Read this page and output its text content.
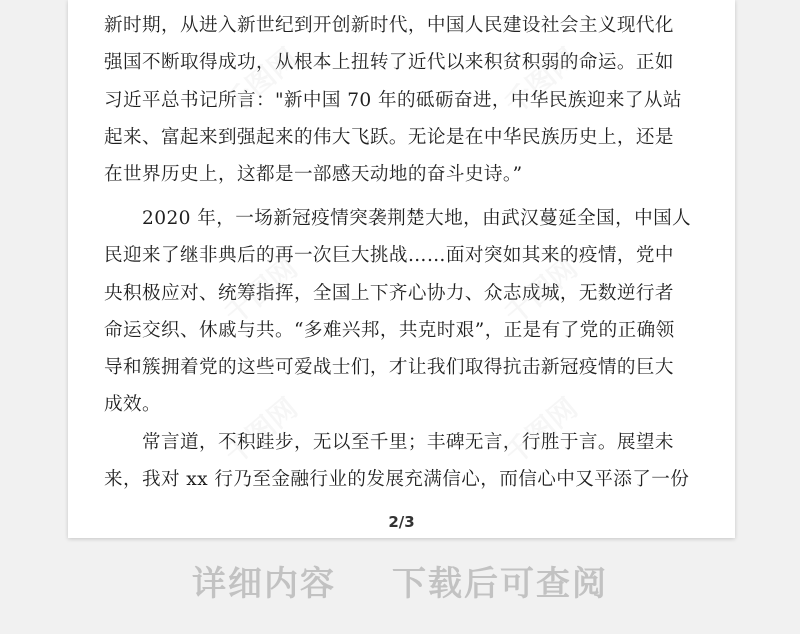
新时期，从进入新世纪到开创新时代，中国人民建设社会主义现代化
强国不断取得成功，从根本上扭转了近代以来积贫积弱的命运。正如
习近平总书记所言："新中国 70 年的砥砺奋进，中华民族迎来了从站
起来、富起来到强起来的伟大飞跃。无论是在中华民族历史上，还是
在世界历史上，这都是一部感天动地的奋斗史诗。”

　　2020 年，一场新冠疫情突袭荆楚大地，由武汉蔓延全国，中国人
民迎来了继非典后的再一次巨大挑战……面对突如其来的疫情，党中
央积极应对、统筹指挥，全国上下齐心协力、众志成城，无数逆行者
命运交织、休戚与共。“多难兴邦，共克时艰”，正是有了党的正确领
导和簇拥着党的这些可爱战士们，才让我们取得抗击新冠疫情的巨大
成效。

　　常言道，不积跬步，无以至千里；丰碑无言，行胜于言。展望未
来，我对 xx 行乃至金融行业的发展充满信心，而信心中又平添了一份

千图网	千图网
千图网	千图网
千图网	千图网
2/3
详细内容 下载后可查阅
